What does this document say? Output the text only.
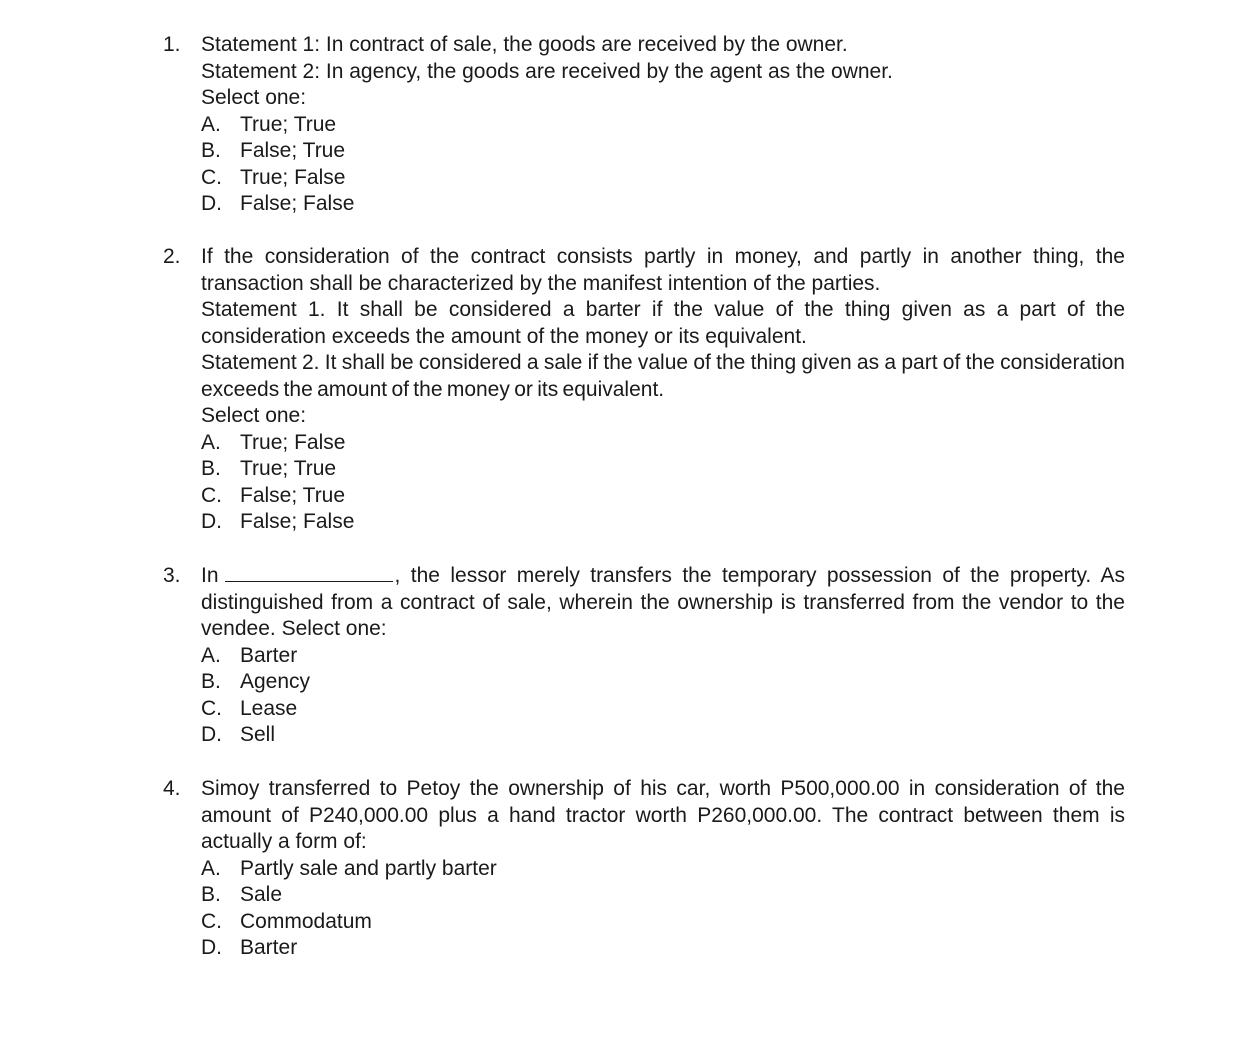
1. Statement 1: In contract of sale, the goods are received by the owner.
Statement 2: In agency, the goods are received by the agent as the owner.
Select one:
A. True; True
B. False; True
C. True; False
D. False; False
2. If the consideration of the contract consists partly in money, and partly in another thing, the transaction shall be characterized by the manifest intention of the parties.
Statement 1. It shall be considered a barter if the value of the thing given as a part of the consideration exceeds the amount of the money or its equivalent.
Statement 2. It shall be considered a sale if the value of the thing given as a part of the consideration exceeds the amount of the money or its equivalent.
Select one:
A. True; False
B. True; True
C. False; True
D. False; False
3. In	, the lessor merely transfers the temporary possession of the property. As
distinguished from a contract of sale, wherein the ownership is transferred from the vendor to the vendee. Select one:
A. Barter
B. Agency
C. Lease
D. Sell
4. Simoy transferred to Petoy the ownership of his car, worth P500,000.00 in consideration of the amount of P240,000.00 plus a hand tractor worth P260,000.00. The contract between them is actually a form of:
A. Partly sale and partly barter
B. Sale
C. Commodatum
D. Barter
